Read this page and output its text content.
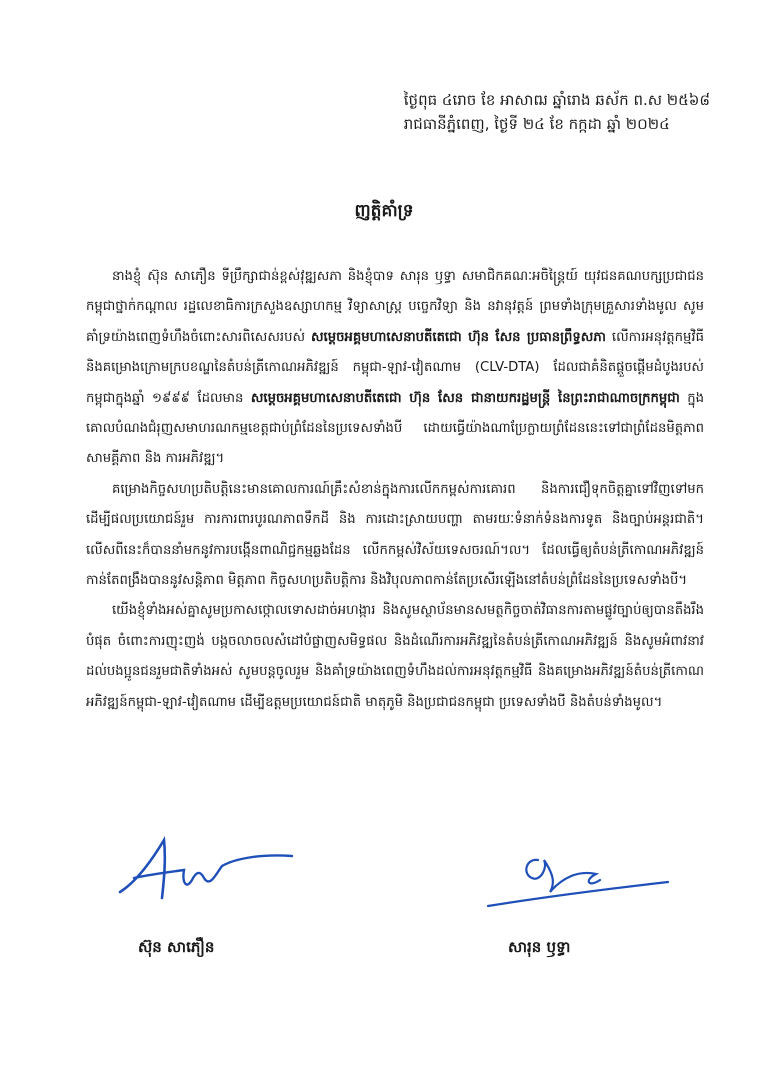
ថ្ងៃពុធ ៤រោច ខែ អាសាឍ ឆ្នាំរោង ឆស័ក ព.ស ២៥៦៨
រាជធានីភ្នំពេញ, ថ្ងៃទី ២៤ ខែ កក្កដា ឆ្នាំ ២០២៤
ញត្តិគាំទ្រ

នាងខ្ញុំ ស៊ុន សាភឿន ទីប្រឹក្សាជាន់ខ្ពស់វុឌ្ឍសភា និងខ្ញុំបាទ សារុន ឫទ្ធា សមាជិកគណៈអចិន្ត្រៃយ៍ យុវជនគណបក្សប្រជាជនកម្ពុជាថ្នាក់កណ្តាល រដ្ឋលេខាធិការក្រសួងឧស្សាហកម្ម វិទ្យាសាស្ត្រ បច្ចេកវិទ្យា និង នវានុវត្តន៍ ព្រមទាំងក្រុមគ្រួសារទាំងមូល សូមគាំទ្រយ៉ាងពេញទំហឹងចំពោះសារពិសេសរបស់ សម្តេចអគ្គមហាសេនាបតីតេជោ ហ៊ុន សែន ប្រធានព្រឹទ្ធសភា លើការអនុវត្តកម្មវិធី និងគម្រោងក្រោមក្របខណ្ឌនៃតំបន់ត្រីកោណអភិវឌ្ឍន៍ កម្ពុជា-ឡាវ-វៀតណាម (CLV-DTA) ដែលជាគំនិតផ្តួចផ្តើមដំបូងរបស់កម្ពុជាក្នុងឆ្នាំ ១៩៩៩ ដែលមាន សម្តេចអគ្គមហាសេនាបតីតេជោ ហ៊ុន សែន ជានាយករដ្ឋមន្ត្រី នៃព្រះរាជាណាចក្រកម្ពុជា ក្នុងគោលបំណងជំរុញសមាហរណកម្មខេត្តជាប់ព្រំដែននៃប្រទេសទាំងបី ដោយធ្វើយ៉ាងណាប្រែក្លាយព្រំដែននេះទៅជាព្រំដែនមិត្តភាព សាមគ្គីភាព និង ការអភិវឌ្ឍ។

គម្រោងកិច្ចសហប្រតិបត្តិនេះមានគោលការណ៍គ្រឹះសំខាន់ក្នុងការលើកកម្ពស់ការគោរព និងការជឿទុកចិត្តគ្នាទៅវិញទៅមក ដើម្បីផលប្រយោជន៍រួម ការការពារបូរណភាពទឹកដី និង ការដោះស្រាយបញ្ហា តាមរយៈទំនាក់ទំនងការទូត និងច្បាប់អន្តរជាតិ។ លើសពីនេះក៏បាននាំមកនូវការបង្កើនពាណិជ្ជកម្មឆ្លងដែន លើកកម្ពស់វិស័យទេសចរណ៍។ល។ ដែលធ្វើឲ្យតំបន់ត្រីកោណអភិវឌ្ឍន៍កាន់តែពង្រឹងបាននូវសន្តិភាព មិត្តភាព កិច្ចសហប្រតិបត្តិការ និងវិបុលភាពកាន់តែប្រសើរឡើងនៅតំបន់ព្រំដែននៃប្រទេសទាំងបី។

យើងខ្ញុំទាំងអស់គ្នាសូមប្រកាសថ្កោលទោសដាច់អហង្ការ និងសូមស្ថាប័នមានសមត្ថកិច្ចចាត់វិធានការតាមផ្លូវច្បាប់ឲ្យបានតឹងរឹងបំផុត ចំពោះការញុះញង់ បង្កចលាចលសំដៅបំផ្លាញសមិទ្ធផល និងដំណើរការអភិវឌ្ឍនៃតំបន់ត្រីកោណអភិវឌ្ឍន៍ និងសូមអំពាវនាវដល់បងប្អូនជនរួមជាតិទាំងអស់ សូមបន្តចូលរួម និងគាំទ្រយ៉ាងពេញទំហឹងដល់ការអនុវត្តកម្មវិធី និងគម្រោងអភិវឌ្ឍន៍តំបន់ត្រីកោណអភិវឌ្ឍន៍កម្ពុជា-ឡាវ-វៀតណាម ដើម្បីឧត្តមប្រយោជន៍ជាតិ មាតុភូមិ និងប្រជាជនកម្ពុជា ប្រទេសទាំងបី និងតំបន់ទាំងមូល។

ស៊ុន សាភឿន	សារុន ឫទ្ធា
